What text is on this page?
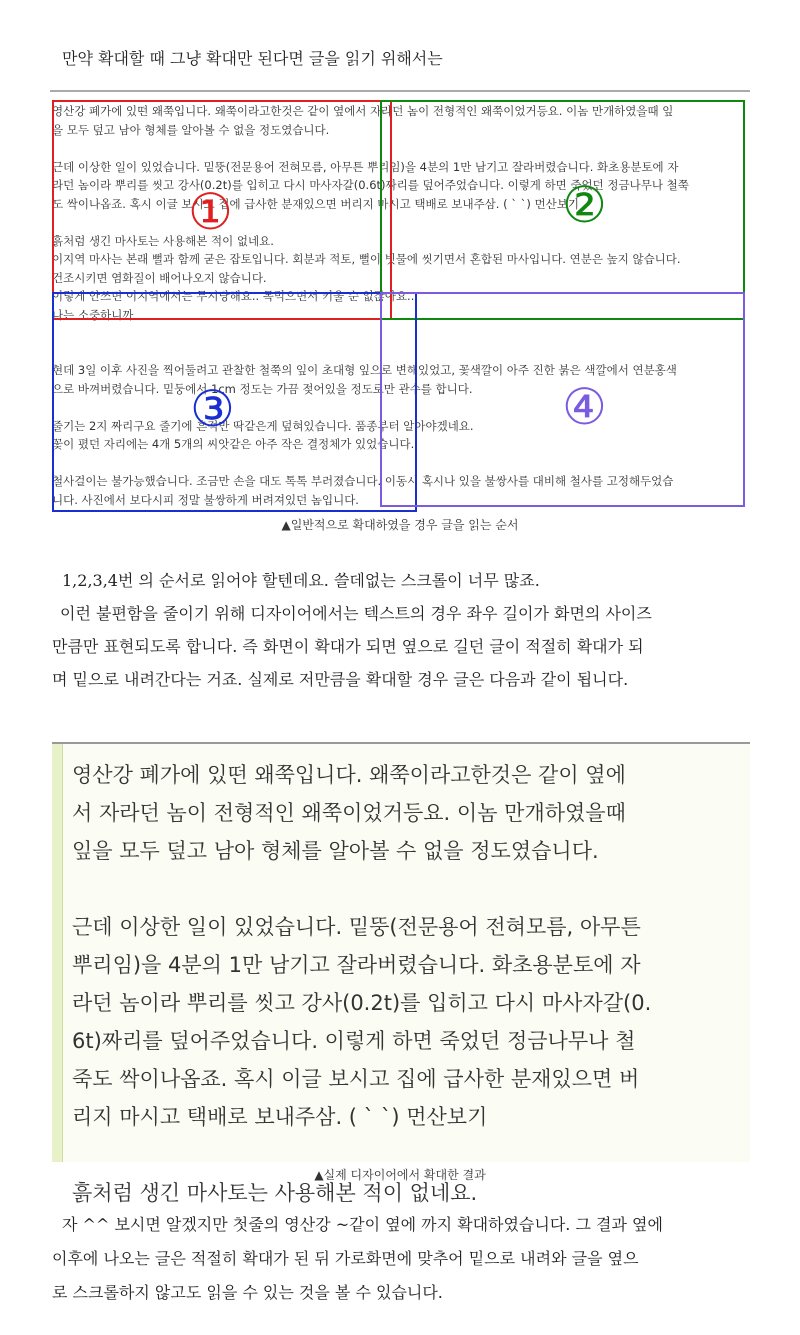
만약 확대할 때 그냥 확대만 된다면 글을 읽기 위해서는

영산강 폐가에 있떤 왜쭉입니다. 왜쭉이라고한것은 같이 옆에서 자라던 놈이 전형적인 왜쭉이었거등요. 이놈 만개하였을때 잎
을 모두 덮고 남아 형체를 알아볼 수 없을 정도였습니다.

근데 이상한 일이 있었습니다. 밑뚱(전문용어 전혀모름, 아무튼 뿌리임)을 4분의 1만 남기고 잘라버렸습니다. 화초용분토에 자
라던 놈이라 뿌리를 씻고 강사(0.2t)를 입히고 다시 마사자갈(0.6t)짜리를 덮어주었습니다. 이렇게 하면 죽었던 정금나무나 철쭉
도 싹이나옵죠. 혹시 이글 보시고 집에 급사한 분재있으면 버리지 마시고 택배로 보내주삼. ( ` `) 먼산보기

흙처럼 생긴 마사토는 사용해본 적이 없네요.
이지역 마사는 본래 뻘과 함께 굳은 잡토입니다. 회분과 적토, 뻘이 빗물에 씻기면서 혼합된 마사입니다. 연분은 높지 않습니다.
건조시키면 염화질이 배어나오지 않습니다.
이렇게 안쓰면 이지역에서는 무시당해요.. 목먹으면서 키울 순 없잖아요..
나는 소중하니까

현데 3일 이후 사진을 찍어둘려고 관찰한 철쭉의 잎이 초대형 잎으로 변해있었고, 꽃색깔이 아주 진한 붉은 색깔에서 연분홍색
으로 바껴버렸습니다. 밑둥에서 1cm 정도는 가끔 젖어있을 정도로만 관수를 합니다.

줄기는 2지 짜리구요 줄기에 흔적만 딱같은게 덮혀있습니다. 품종부터 알아야겠네요.
꽃이 폈던 자리에는 4개 5개의 씨앗같은 아주 작은 결정체가 있었습니다.

철사걸이는 불가능했습니다. 조금만 손을 대도 톡톡 부러졌습니다. 이동시 혹시나 있을 불쌍사를 대비해 철사를 고정해두었습
니다. 사진에서 보다시피 정말 불쌍하게 버려져있던 놈입니다.
①	②
③	④
▲일반적으로 확대하였을 경우 글을 읽는 순서

1,2,3,4번 의 순서로 읽어야 할텐데요. 쓸데없는 스크롤이 너무 많죠.
이런 불편함을 줄이기 위해 디자이어에서는 텍스트의 경우 좌우 길이가 화면의 사이즈
만큼만 표현되도록 합니다. 즉 화면이 확대가 되면 옆으로 길던 글이 적절히 확대가 되
며 밑으로 내려간다는 거죠. 실제로 저만큼을 확대할 경우 글은 다음과 같이 됩니다.

영산강 폐가에 있떤 왜쭉입니다. 왜쭉이라고한것은 같이 옆에
서 자라던 놈이 전형적인 왜쭉이었거등요. 이놈 만개하였을때
잎을 모두 덮고 남아 형체를 알아볼 수 없을 정도였습니다.

근데 이상한 일이 있었습니다. 밑뚱(전문용어 전혀모름, 아무튼
뿌리임)을 4분의 1만 남기고 잘라버렸습니다. 화초용분토에 자
라던 놈이라 뿌리를 씻고 강사(0.2t)를 입히고 다시 마사자갈(0.
6t)짜리를 덮어주었습니다. 이렇게 하면 죽었던 정금나무나 철
죽도 싹이나옵죠. 혹시 이글 보시고 집에 급사한 분재있으면 버
리지 마시고 택배로 보내주삼. ( ` `) 먼산보기

흙처럼 생긴 마사토는 사용해본 적이 없네요.
▲실제 디자이어에서 확대한 결과

자 ^^ 보시면 알겠지만 첫줄의 영산강 ~같이 옆에 까지 확대하였습니다. 그 결과 옆에
이후에 나오는 글은 적절히 확대가 된 뒤 가로화면에 맞추어 밑으로 내려와 글을 옆으
로 스크롤하지 않고도 읽을 수 있는 것을 볼 수 있습니다.
